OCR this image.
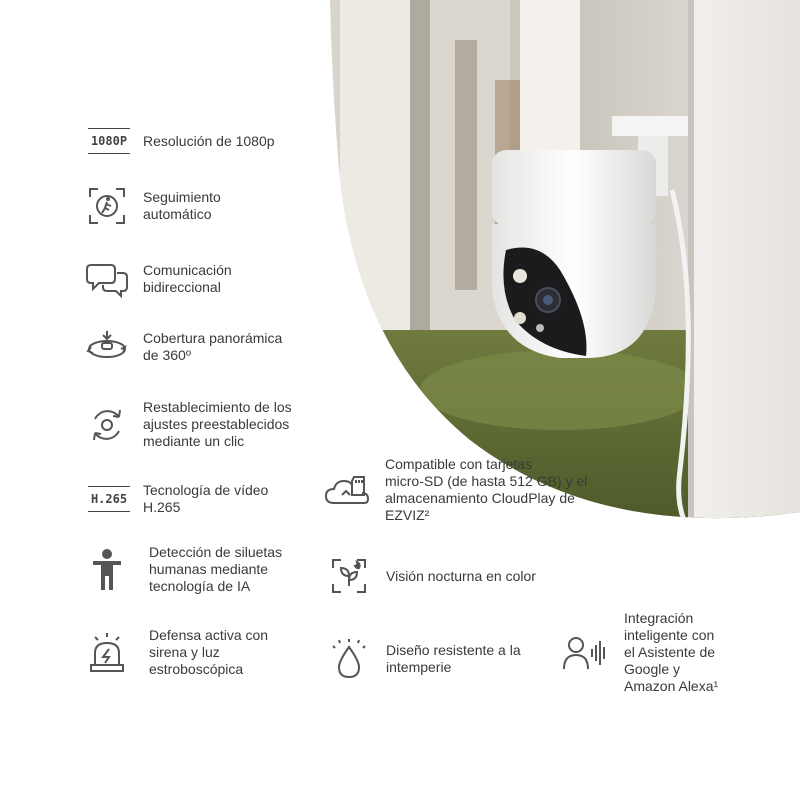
1080P Resolución de 1080p
Seguimiento
automático
Comunicación
bidireccional
Cobertura panorámica
de 360º
Restablecimiento de los
ajustes preestablecidos
mediante un clic
H.265
Tecnología de vídeo
H.265
Detección de siluetas
humanas mediante
tecnología de IA
Defensa activa con
sirena y luz
estroboscópica
Compatible con tarjetas
micro-SD (de hasta 512 GB) y el
almacenamiento CloudPlay de
EZVIZ²
Visión nocturna en color
Diseño resistente a la
intemperie
Integración
inteligente con
el Asistente de
Google y
Amazon Alexa¹
